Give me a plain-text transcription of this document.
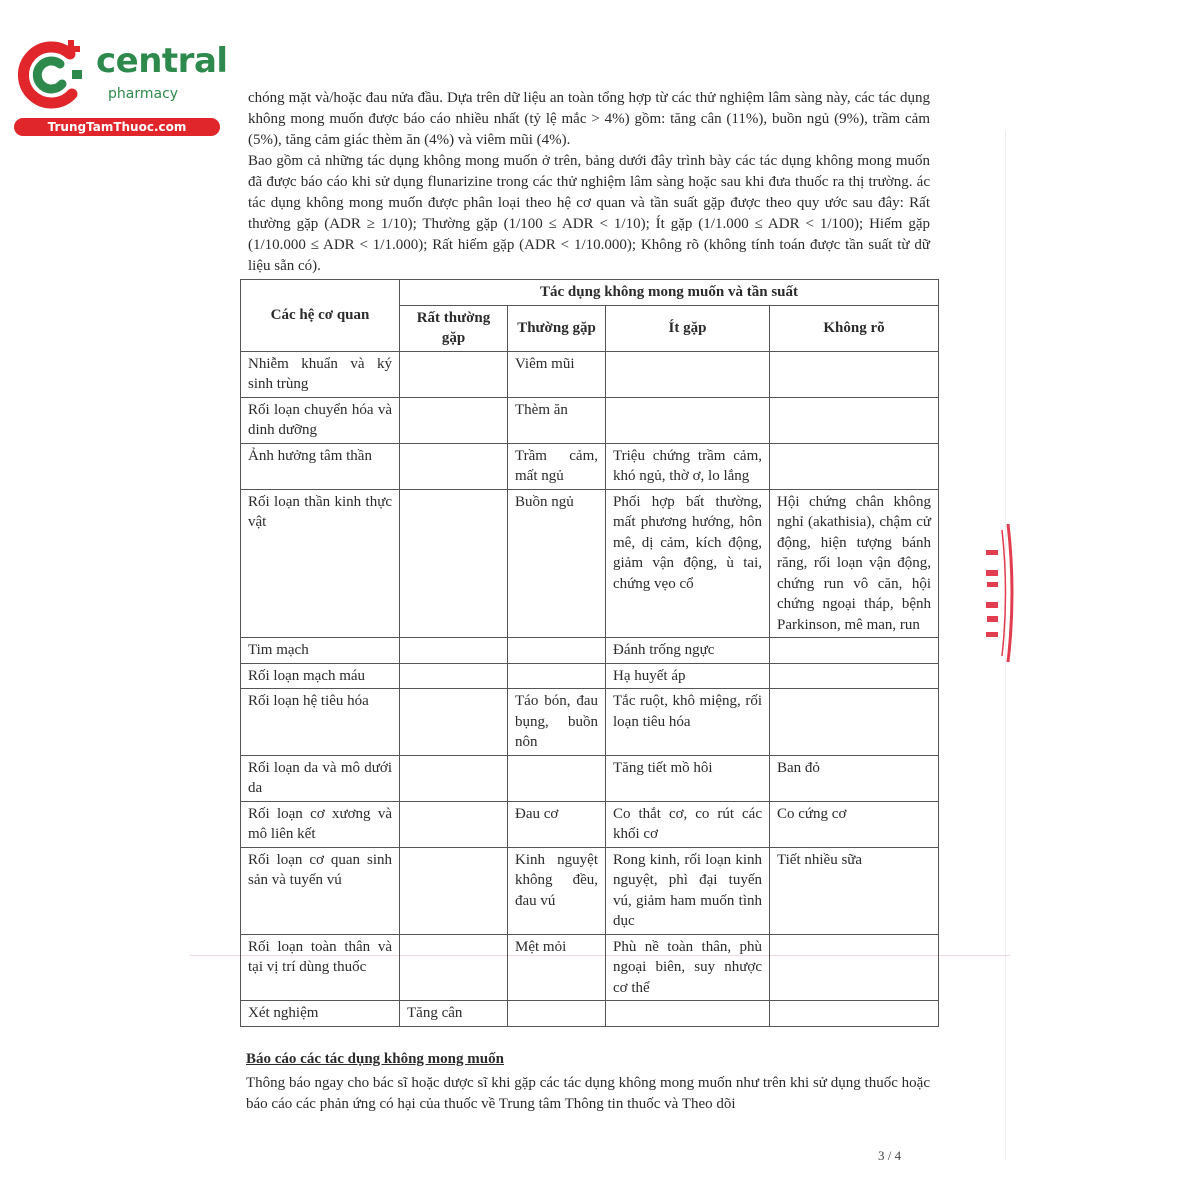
central
pharmacy
TrungTamThuoc.com

chóng mặt và/hoặc đau nửa đầu. Dựa trên dữ liệu an toàn tổng hợp từ các thử nghiệm lâm sàng này, các tác dụng không mong muốn được báo cáo nhiều nhất (tỷ lệ mắc > 4%) gồm: tăng cân (11%), buồn ngủ (9%), trầm cảm (5%), tăng cảm giác thèm ăn (4%) và viêm mũi (4%).

Bao gồm cả những tác dụng không mong muốn ở trên, bảng dưới đây trình bày các tác dụng không mong muốn đã được báo cáo khi sử dụng flunarizine trong các thử nghiệm lâm sàng hoặc sau khi đưa thuốc ra thị trường. ác tác dụng không mong muốn được phân loại theo hệ cơ quan và tần suất gặp được theo quy ước sau đây: Rất thường gặp (ADR ≥ 1/10); Thường gặp (1/100 ≤ ADR < 1/10); Ít gặp (1/1.000 ≤ ADR < 1/100); Hiếm gặp (1/10.000 ≤ ADR < 1/1.000); Rất hiếm gặp (ADR < 1/10.000); Không rõ (không tính toán được tần suất từ dữ liệu sẵn có).

Các hệ cơ quan	Tác dụng không mong muốn và tần suất			
	Rất thường gặp	Thường gặp	Ít gặp	Không rõ
Nhiễm khuẩn và ký sinh trùng		Viêm mũi		
Rối loạn chuyển hóa và dinh dưỡng		Thèm ăn		
Ảnh hưởng tâm thần		Trầm cảm, mất ngủ	Triệu chứng trầm cảm, khó ngủ, thờ ơ, lo lắng	
Rối loạn thần kinh thực vật		Buồn ngủ	Phối hợp bất thường, mất phương hướng, hôn mê, dị cảm, kích động, giảm vận động, ù tai, chứng vẹo cổ	Hội chứng chân không nghỉ (akathisia), chậm cử động, hiện tượng bánh răng, rối loạn vận động, chứng run vô căn, hội chứng ngoại tháp, bệnh Parkinson, mê man, run
Tim mạch			Đánh trống ngực	
Rối loạn mạch máu			Hạ huyết áp	
Rối loạn hệ tiêu hóa		Táo bón, đau bụng, buồn nôn	Tắc ruột, khô miệng, rối loạn tiêu hóa	
Rối loạn da và mô dưới da			Tăng tiết mồ hôi	Ban đỏ
Rối loạn cơ xương và mô liên kết		Đau cơ	Co thắt cơ, co rút các khối cơ	Co cứng cơ
Rối loạn cơ quan sinh sản và tuyến vú		Kinh nguyệt không đều, đau vú	Rong kinh, rối loạn kinh nguyệt, phì đại tuyến vú, giảm ham muốn tình dục	Tiết nhiều sữa
Rối loạn toàn thân và tại vị trí dùng thuốc		Mệt mỏi	Phù nề toàn thân, phù ngoại biên, suy nhược cơ thể	
Xét nghiệm	Tăng cân			

Báo cáo các tác dụng không mong muốn

Thông báo ngay cho bác sĩ hoặc dược sĩ khi gặp các tác dụng không mong muốn như trên khi sử dụng thuốc hoặc báo cáo các phản ứng có hại của thuốc về Trung tâm Thông tin thuốc và Theo dõi

3 / 4
